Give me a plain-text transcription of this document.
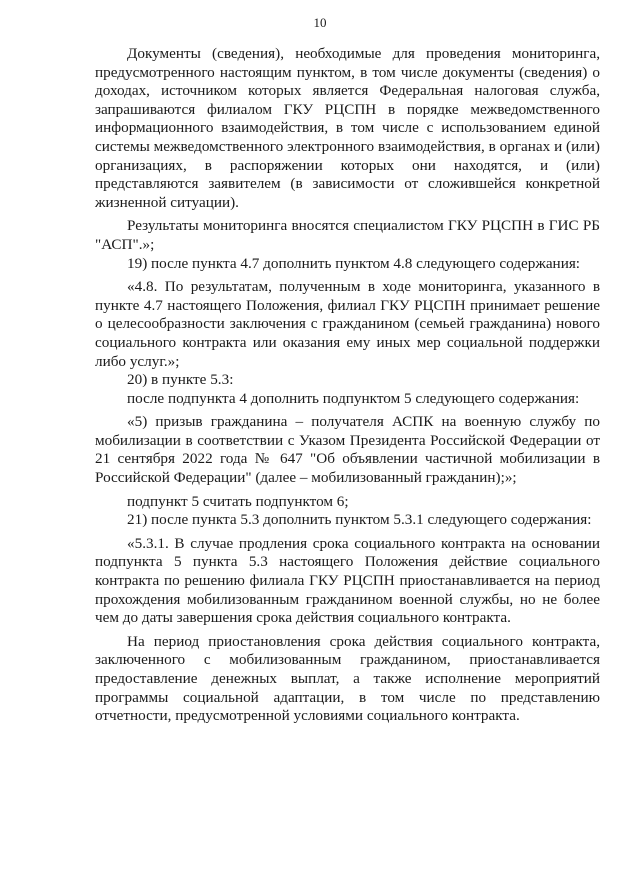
10

Документы (сведения), необходимые для проведения мониторинга, предусмотренного настоящим пунктом, в том числе документы (сведения) о доходах, источником которых является Федеральная налоговая служба, запрашиваются филиалом ГКУ РЦСПН в порядке межведомственного информационного взаимодействия, в том числе с использованием единой системы межведомственного электронного взаимодействия, в органах и (или) организациях, в распоряжении которых они находятся, и (или) представляются заявителем (в зависимости от сложившейся конкретной жизненной ситуации).

Результаты мониторинга вносятся специалистом ГКУ РЦСПН в ГИС РБ "АСП".»;

19) после пункта 4.7 дополнить пунктом 4.8 следующего содержания:

«4.8. По результатам, полученным в ходе мониторинга, указанного в пункте 4.7 настоящего Положения, филиал ГКУ РЦСПН принимает решение о целесообразности заключения с гражданином (семьей гражданина) нового социального контракта или оказания ему иных мер социальной поддержки либо услуг.»;

20) в пункте 5.3:

после подпункта 4 дополнить подпунктом 5 следующего содержания:

«5) призыв гражданина – получателя АСПК на военную службу по мобилизации в соответствии с Указом Президента Российской Федерации от 21 сентября 2022 года № 647 "Об объявлении частичной мобилизации в Российской Федерации" (далее – мобилизованный гражданин);»;

подпункт 5 считать подпунктом 6;

21) после пункта 5.3 дополнить пунктом 5.3.1 следующего содержания:

«5.3.1. В случае продления срока социального контракта на основании подпункта 5 пункта 5.3 настоящего Положения действие социального контракта по решению филиала ГКУ РЦСПН приостанавливается на период прохождения мобилизованным гражданином военной службы, но не более чем до даты завершения срока действия социального контракта.

На период приостановления срока действия социального контракта, заключенного с мобилизованным гражданином, приостанавливается предоставление денежных выплат, а также исполнение мероприятий программы социальной адаптации, в том числе по представлению отчетности, предусмотренной условиями социального контракта.
